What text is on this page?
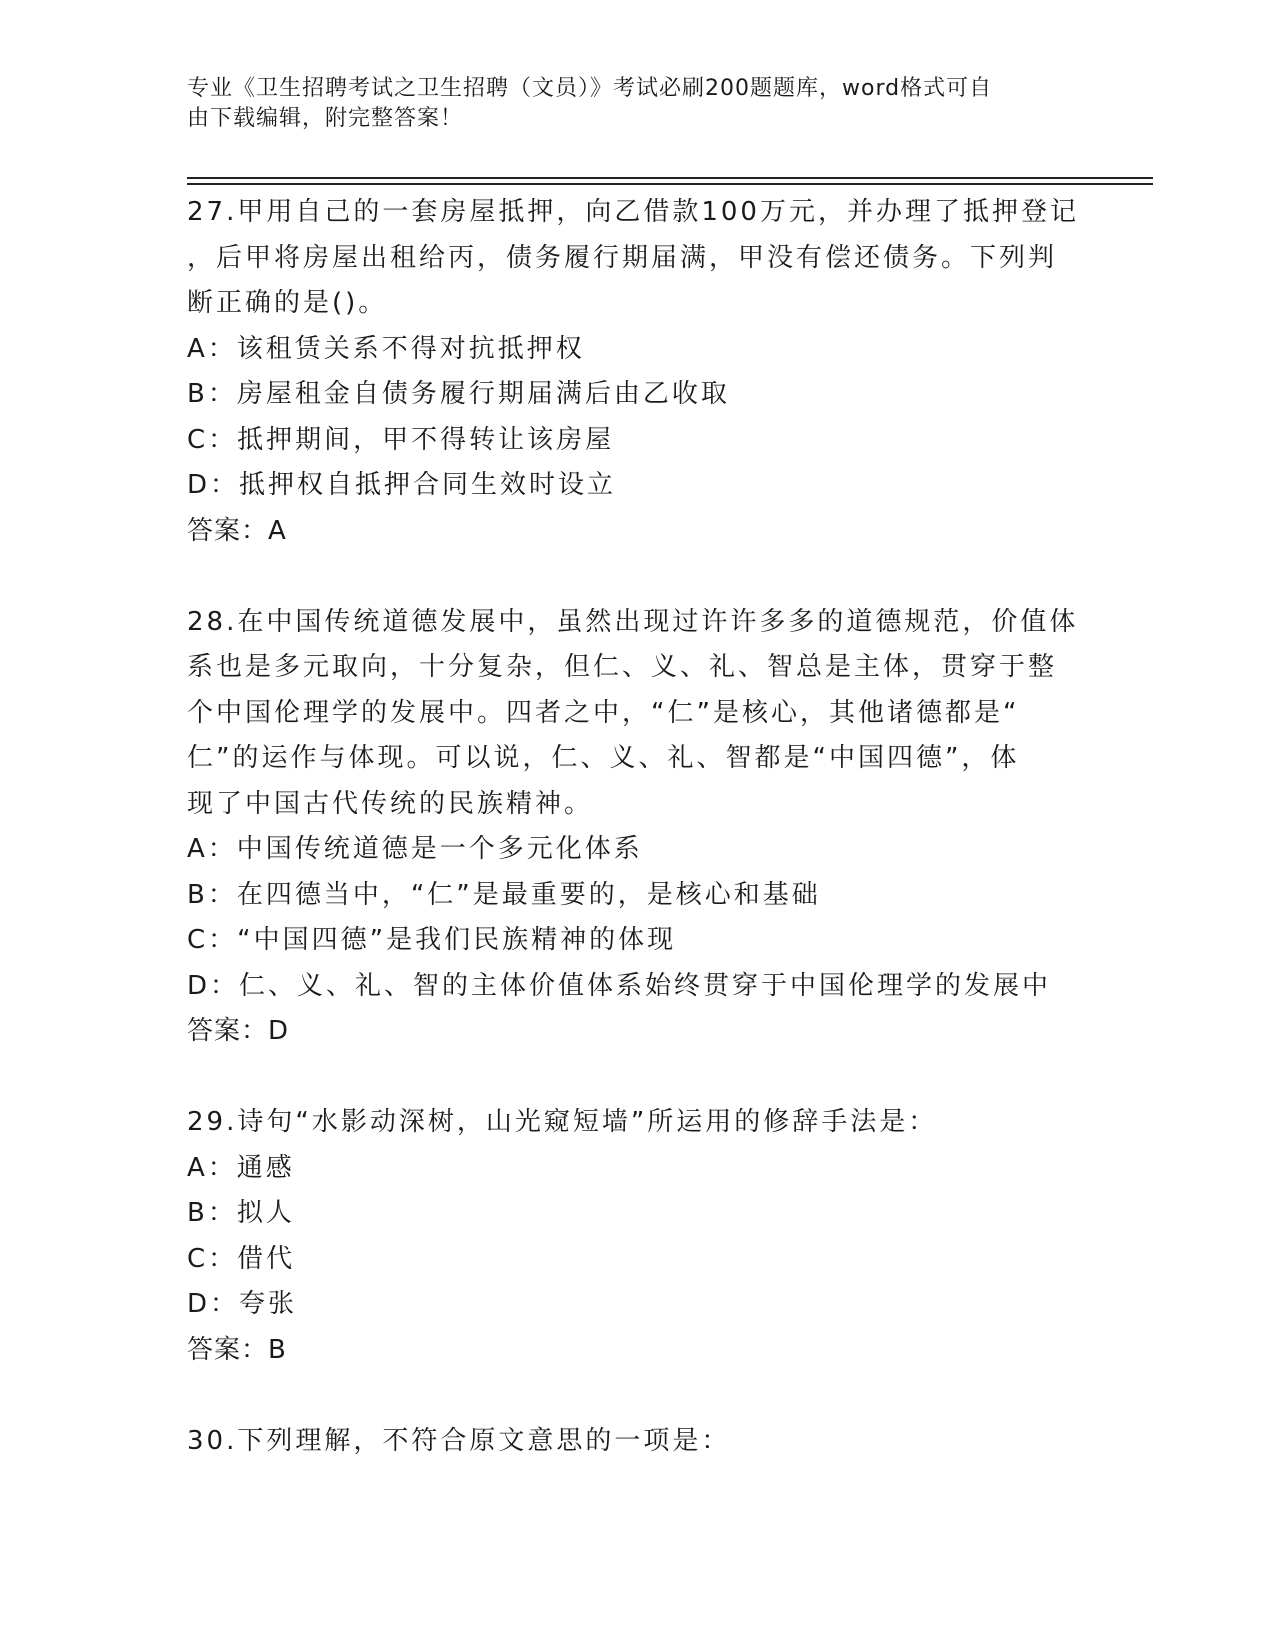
专业《卫生招聘考试之卫生招聘（文员）》考试必刷200题题库，word格式可自
由下载编辑，附完整答案！
27.甲用自己的一套房屋抵押，向乙借款100万元，并办理了抵押登记
，后甲将房屋出租给丙，债务履行期届满，甲没有偿还债务。下列判
断正确的是()。
A：该租赁关系不得对抗抵押权
B：房屋租金自债务履行期届满后由乙收取
C：抵押期间，甲不得转让该房屋
D：抵押权自抵押合同生效时设立
答案：A
28.在中国传统道德发展中，虽然出现过许许多多的道德规范，价值体
系也是多元取向，十分复杂，但仁、义、礼、智总是主体，贯穿于整
个中国伦理学的发展中。四者之中，“仁”是核心，其他诸德都是“
仁”的运作与体现。可以说，仁、义、礼、智都是“中国四德”，体
现了中国古代传统的民族精神。
A：中国传统道德是一个多元化体系
B：在四德当中，“仁”是最重要的，是核心和基础
C：“中国四德”是我们民族精神的体现
D：仁、义、礼、智的主体价值体系始终贯穿于中国伦理学的发展中
答案：D
29.诗句“水影动深树，山光窥短墙”所运用的修辞手法是：
A：通感
B：拟人
C：借代
D：夸张
答案：B
30.下列理解，不符合原文意思的一项是：
